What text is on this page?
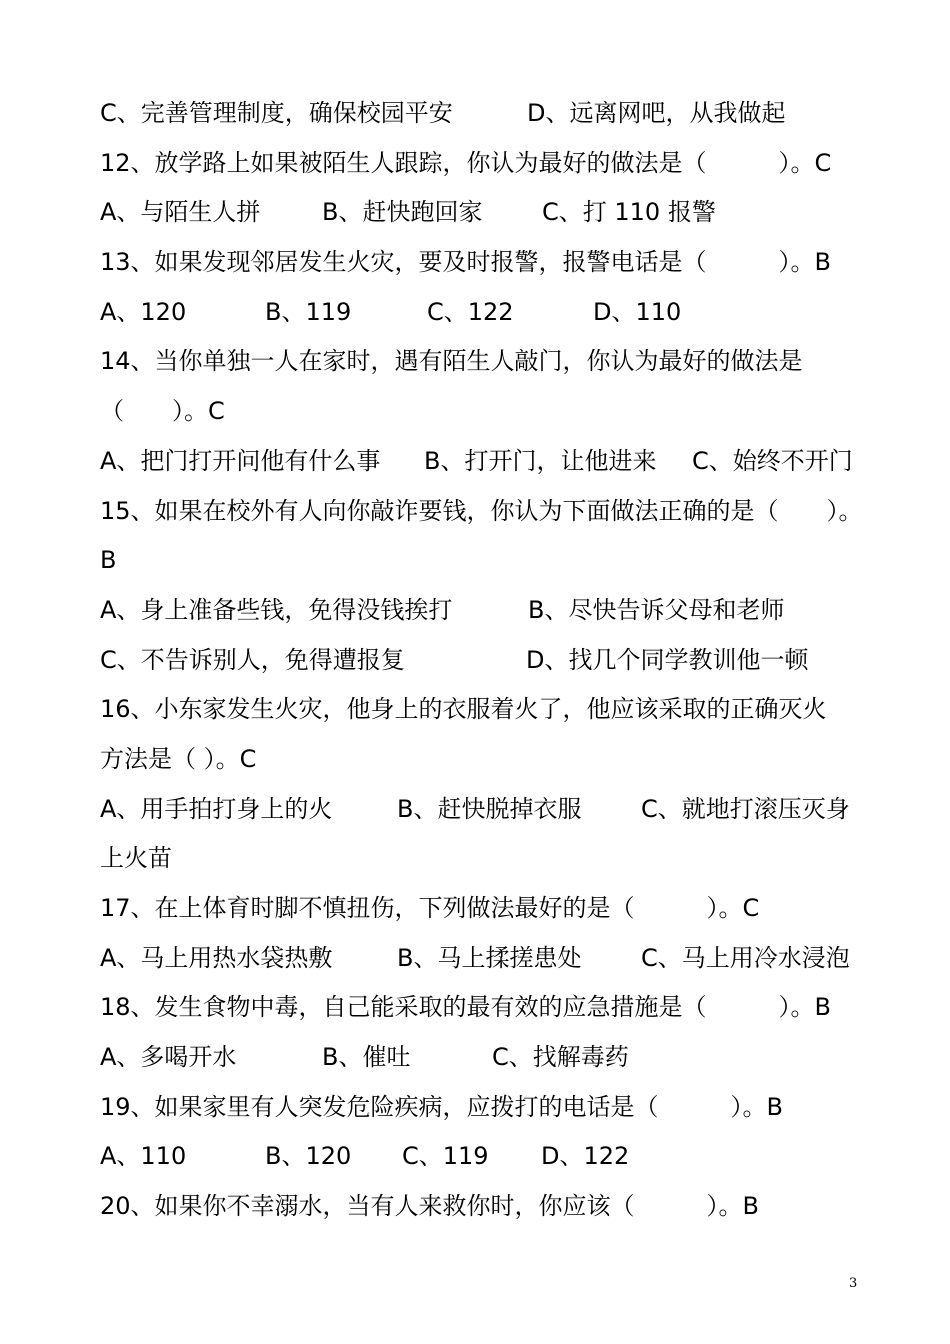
C、完善管理制度，确保校园平安	D、远离网吧，从我做起
12、放学路上如果被陌生人跟踪，你认为最好的做法是（　　　）。C
A、与陌生人拼	B、赶快跑回家 C、打 110 报警
13、如果发现邻居发生火灾，要及时报警，报警电话是（　　　）。B
A、120	B、119	C、122	D、110
14、当你单独一人在家时，遇有陌生人敲门，你认为最好的做法是
（　　）。C
A、把门打开问他有什么事 B、打开门，让他进来 C、始终不开门
15、如果在校外有人向你敲诈要钱，你认为下面做法正确的是（　　）。
B
A、身上准备些钱，免得没钱挨打	B、尽快告诉父母和老师
C、不告诉别人，免得遭报复	D、找几个同学教训他一顿
16、小东家发生火灾，他身上的衣服着火了，他应该采取的正确灭火
方法是（ ）。C
A、用手拍打身上的火	B、赶快脱掉衣服 C、就地打滚压灭身
上火苗
17、在上体育时脚不慎扭伤，下列做法最好的是（　　　）。C
A、马上用热水袋热敷	B、马上揉搓患处 C、马上用冷水浸泡
18、发生食物中毒，自己能采取的最有效的应急措施是（　　　）。B
A、多喝开水	B、催吐	C、找解毒药
19、如果家里有人突发危险疾病，应拨打的电话是（　　　）。B
A、110	B、120 C、119 D、122
20、如果你不幸溺水，当有人来救你时，你应该（　　　）。B
3
